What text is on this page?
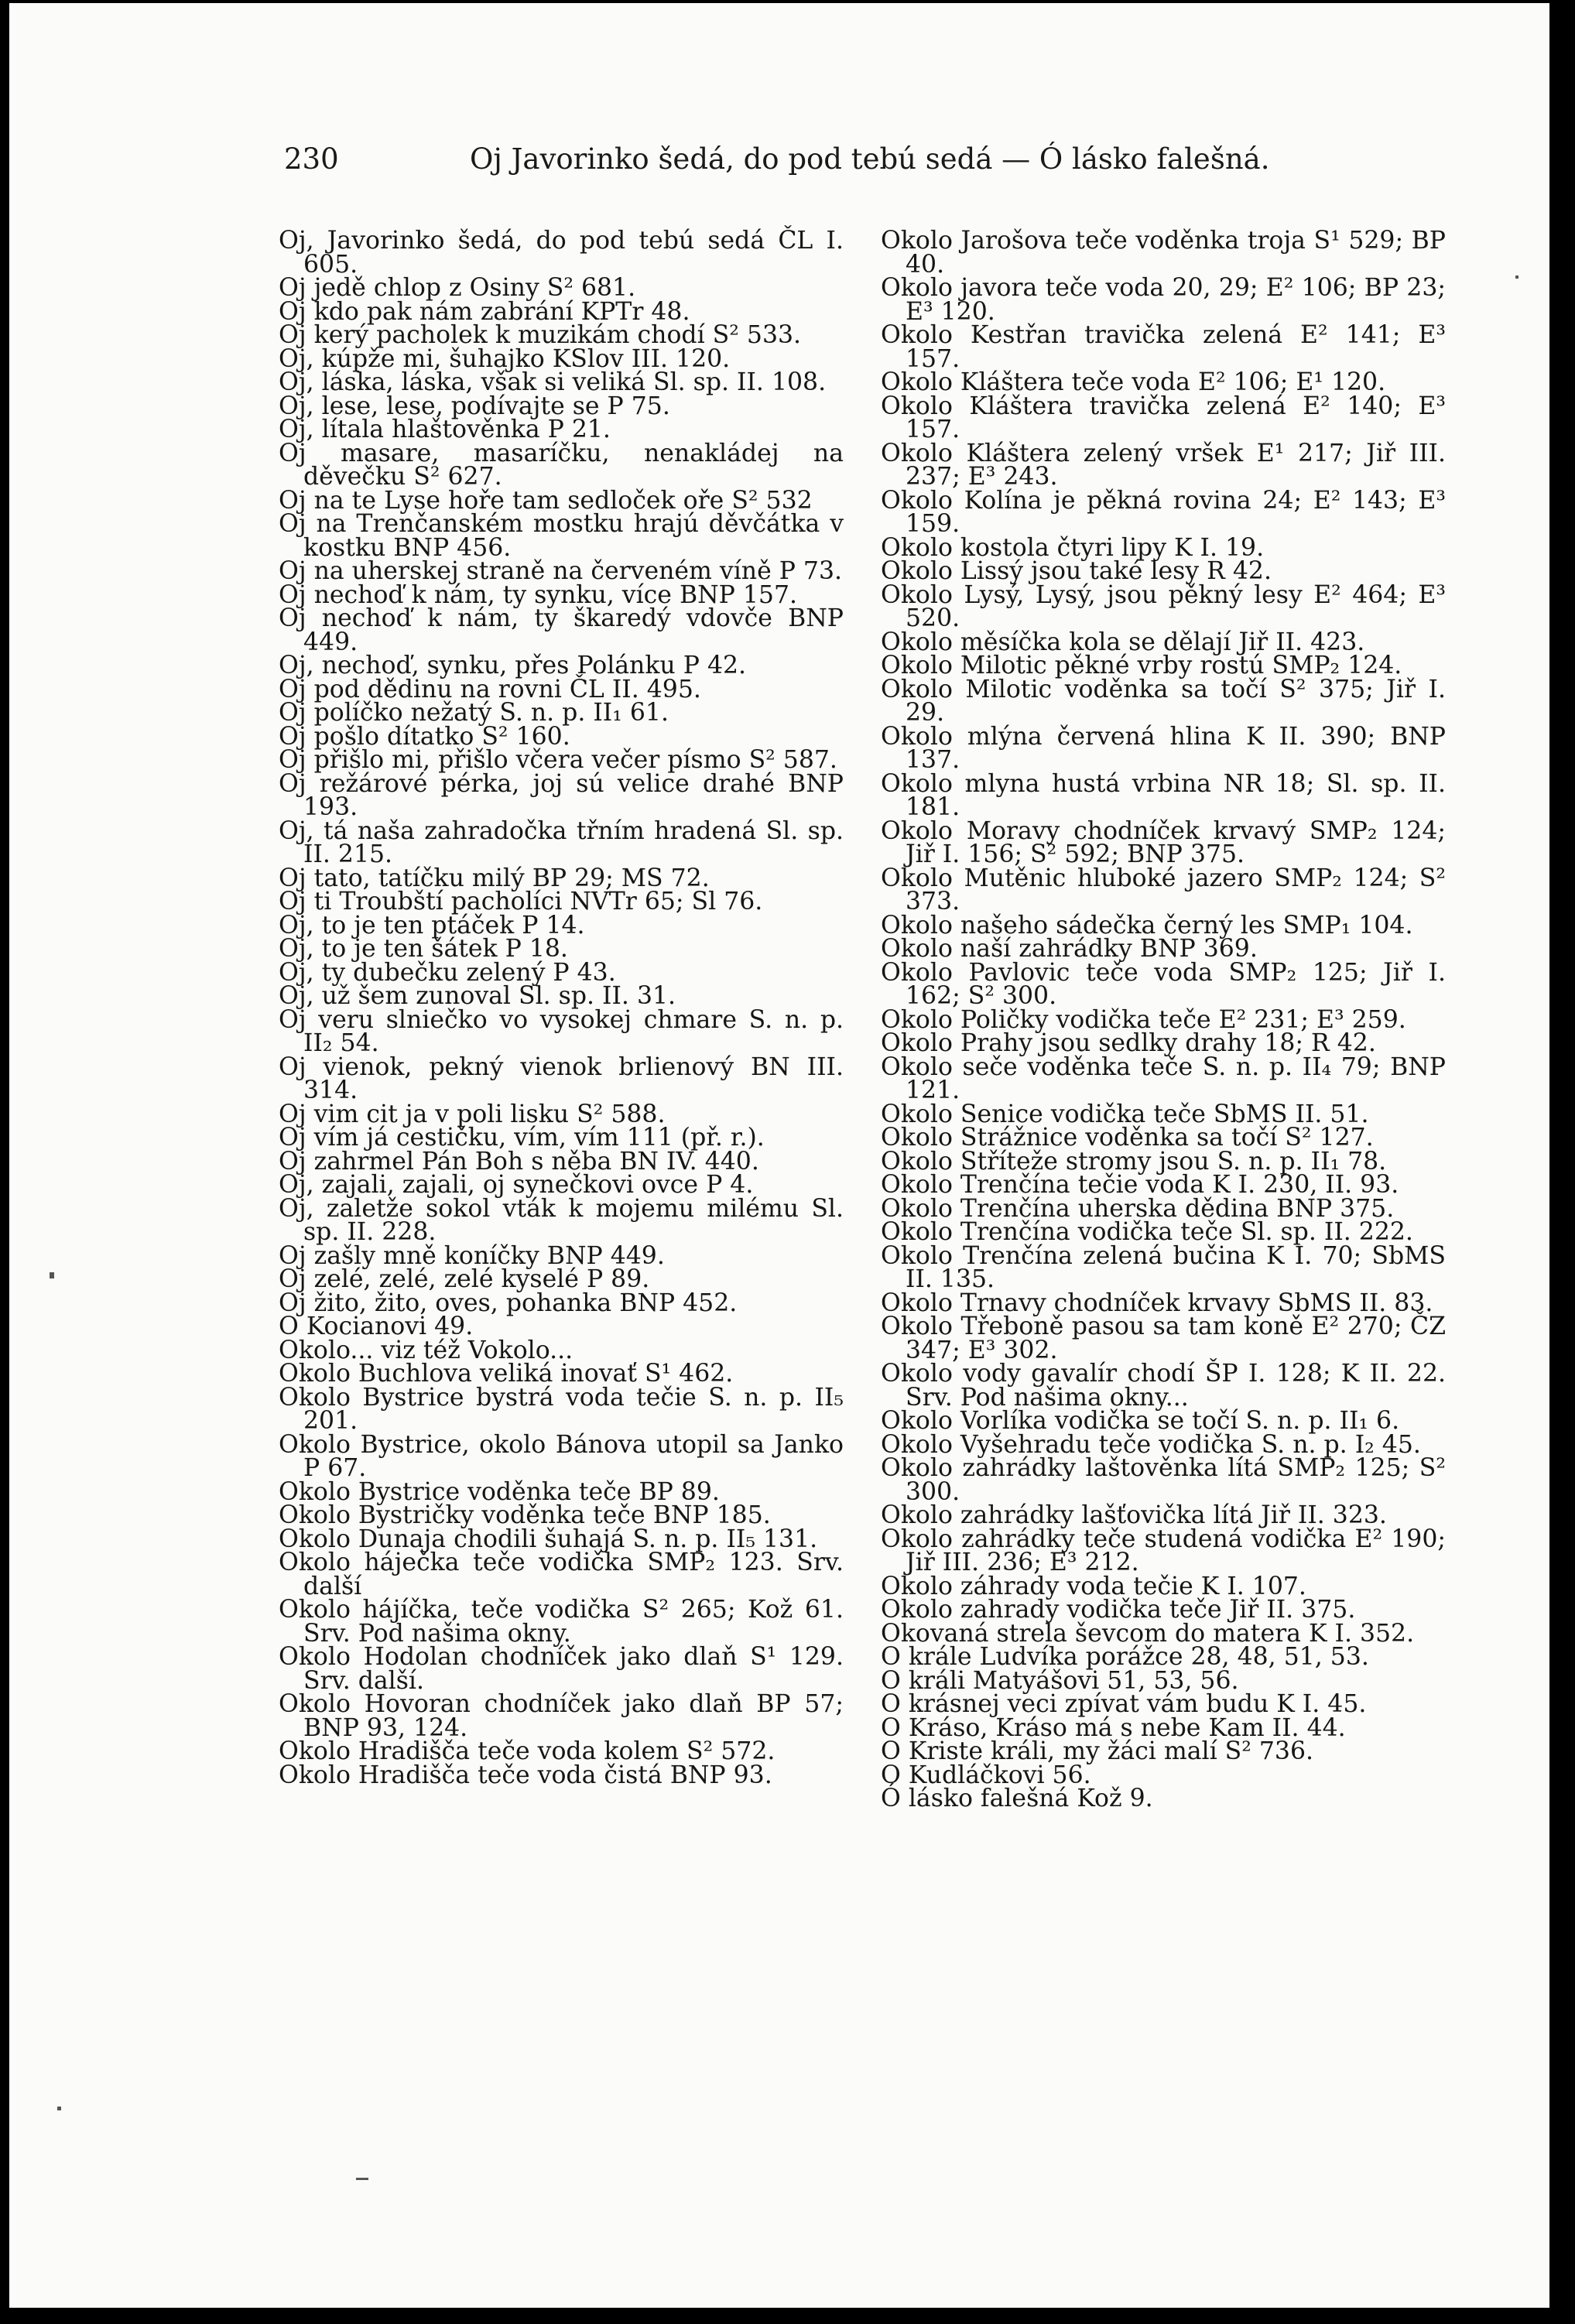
230	Oj Javorinko šedá, do pod tebú sedá — Ó lásko falešná.
Oj, Javorinko šedá, do pod tebú sedá ČL I. 605.
Oj jedě chlop z Osiny S² 681.
Oj kdo pak nám zabrání KPTr 48.
Oj kerý pacholek k muzikám chodí S² 533.
Oj, kúpže mi, šuhajko KSlov III. 120.
Oj, láska, láska, však si veliká Sl. sp. II. 108.
Oj, lese, lese, podívajte se P 75.
Oj, lítala hlaštověnka P 21.
Oj masare, masaríčku, nenakládej na děvečku S² 627.
Oj na te Lyse hoře tam sedloček oře S² 532
Oj na Trenčanském mostku hrajú děvčátka v kostku BNP 456.
Oj na uherskej straně na červeném víně P 73.
Oj nechoď k nám, ty synku, více BNP 157.
Oj nechoď k nám, ty škaredý vdovče BNP 449.
Oj, nechoď, synku, přes Polánku P 42.
Oj pod dědinu na rovni ČL II. 495.
Oj políčko nežatý S. n. p. II₁ 61.
Oj pošlo dítatko S² 160.
Oj přišlo mi, přišlo včera večer písmo S² 587.
Oj režárové pérka, joj sú velice drahé BNP 193.
Oj, tá naša zahradočka třním hradená Sl. sp. II. 215.
Oj tato, tatíčku milý BP 29; MS 72.
Oj ti Troubští pacholíci NVTr 65; Sl 76.
Oj, to je ten ptáček P 14.
Oj, to je ten šátek P 18.
Oj, ty dubečku zelený P 43.
Oj, už šem zunoval Sl. sp. II. 31.
Oj veru slniečko vo vysokej chmare S. n. p. II₂ 54.
Oj vienok, pekný vienok brlienový BN III. 314.
Oj vim cit ja v poli lisku S² 588.
Oj vím já cestičku, vím, vím 111 (př. r.).
Oj zahrmel Pán Boh s něba BN IV. 440.
Oj, zajali, zajali, oj synečkovi ovce P 4.
Oj, zaletže sokol vták k mojemu milému Sl. sp. II. 228.
Oj zašly mně koníčky BNP 449.
Oj zelé, zelé, zelé kyselé P 89.
Oj žito, žito, oves, pohanka BNP 452.
O Kocianovi 49.
Okolo... viz též Vokolo...
Okolo Buchlova veliká inovať S¹ 462.
Okolo Bystrice bystrá voda tečie S. n. p. II₅ 201.
Okolo Bystrice, okolo Bánova utopil sa Janko P 67.
Okolo Bystrice voděnka teče BP 89.
Okolo Bystričky voděnka teče BNP 185.
Okolo Dunaja chodili šuhajá S. n. p. II₅ 131.
Okolo háječka teče vodička SMP₂ 123. Srv. další
Okolo hájíčka, teče vodička S² 265; Kož 61. Srv. Pod našima okny.
Okolo Hodolan chodníček jako dlaň S¹ 129. Srv. další.
Okolo Hovoran chodníček jako dlaň BP 57; BNP 93, 124.
Okolo Hradišča teče voda kolem S² 572.
Okolo Hradišča teče voda čistá BNP 93.
Okolo Jarošova teče voděnka troja S¹ 529; BP 40.
Okolo javora teče voda 20, 29; E² 106; BP 23; E³ 120.
Okolo Kestřan travička zelená E² 141; E³ 157.
Okolo Kláštera teče voda E² 106; E¹ 120.
Okolo Kláštera travička zelená E² 140; E³ 157.
Okolo Kláštera zelený vršek E¹ 217; Jiř III. 237; E³ 243.
Okolo Kolína je pěkná rovina 24; E² 143; E³ 159.
Okolo kostola čtyri lipy K I. 19.
Okolo Lissý jsou také lesy R 42.
Okolo Lysý, Lysý, jsou pěkný lesy E² 464; E³ 520.
Okolo měsíčka kola se dělají Jiř II. 423.
Okolo Milotic pěkné vrby rostú SMP₂ 124.
Okolo Milotic voděnka sa točí S² 375; Jiř I. 29.
Okolo mlýna červená hlina K II. 390; BNP 137.
Okolo mlyna hustá vrbina NR 18; Sl. sp. II. 181.
Okolo Moravy chodníček krvavý SMP₂ 124; Jiř I. 156; S² 592; BNP 375.
Okolo Mutěnic hluboké jazero SMP₂ 124; S² 373.
Okolo našeho sádečka černý les SMP₁ 104.
Okolo naší zahrádky BNP 369.
Okolo Pavlovic teče voda SMP₂ 125; Jiř I. 162; S² 300.
Okolo Poličky vodička teče E² 231; E³ 259.
Okolo Prahy jsou sedlky drahy 18; R 42.
Okolo seče voděnka teče S. n. p. II₄ 79; BNP 121.
Okolo Senice vodička teče SbMS II. 51.
Okolo Strážnice voděnka sa točí S² 127.
Okolo Stříteže stromy jsou S. n. p. II₁ 78.
Okolo Trenčína tečie voda K I. 230, II. 93.
Okolo Trenčína uherska dědina BNP 375.
Okolo Trenčína vodička teče Sl. sp. II. 222.
Okolo Trenčína zelená bučina K I. 70; SbMS II. 135.
Okolo Trnavy chodníček krvavy SbMS II. 83.
Okolo Třeboně pasou sa tam koně E² 270; ČZ 347; E³ 302.
Okolo vody gavalír chodí ŠP I. 128; K II. 22. Srv. Pod našima okny...
Okolo Vorlíka vodička se točí S. n. p. II₁ 6.
Okolo Vyšehradu teče vodička S. n. p. I₂ 45.
Okolo zahrádky laštověnka lítá SMP₂ 125; S² 300.
Okolo zahrádky lašťovička lítá Jiř II. 323.
Okolo zahrádky teče studená vodička E² 190; Jiř III. 236; E³ 212.
Okolo záhrady voda tečie K I. 107.
Okolo zahrady vodička teče Jiř II. 375.
Okovaná strela ševcom do matera K I. 352.
O krále Ludvíka porážce 28, 48, 51, 53.
O králi Matyášovi 51, 53, 56.
O krásnej veci zpívat vám budu K I. 45.
O Kráso, Kráso má s nebe Kam II. 44.
O Kriste králi, my žáci malí S² 736.
O Kudláčkovi 56.
Ó lásko falešná Kož 9.
